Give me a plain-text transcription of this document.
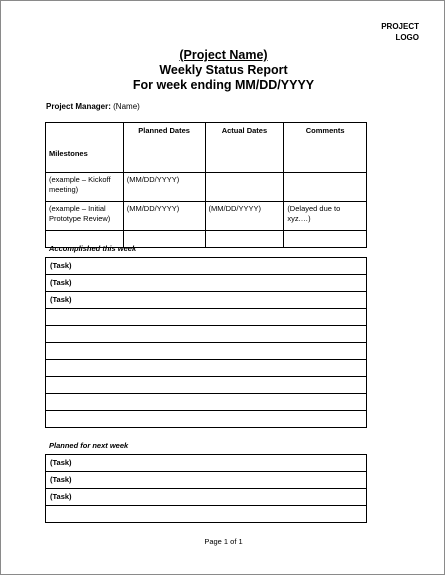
PROJECT
LOGO
(Project Name)
Weekly Status Report
For week ending MM/DD/YYYY
Project Manager: (Name)
Milestones	Planned Dates	Actual Dates	Comments
(example – Kickoff meeting)	(MM/DD/YYYY)		
(example – Initial Prototype Review)	(MM/DD/YYYY)	(MM/DD/YYYY)	(Delayed due to xyz.…)

Accomplished this week
(Task)
(Task)
(Task)

Planned for next week
(Task)
(Task)
(Task)

Page 1 of 1
